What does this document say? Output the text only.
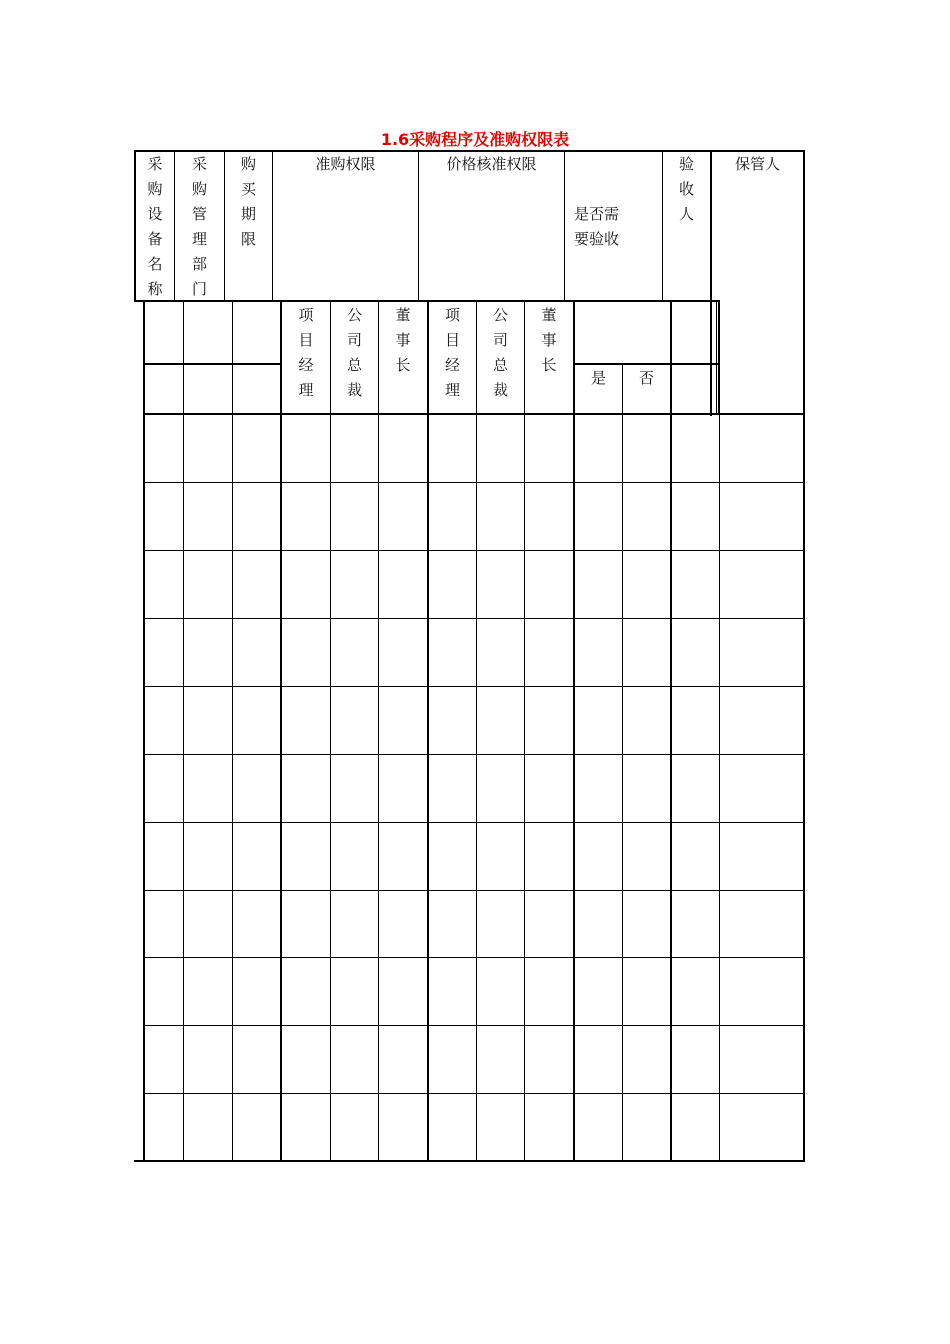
1.6采购程序及准购权限表
采
购
设
备
名
称
采
购
管
理
部
门
购
买
期
限
准购权限	价格核准权限
是否需
要验收
验
收
人
保管人
项
目
经
理
公
司
总
裁
董
事
长
项
目
经
理
公
司
总
裁
董
事
长
是	否
